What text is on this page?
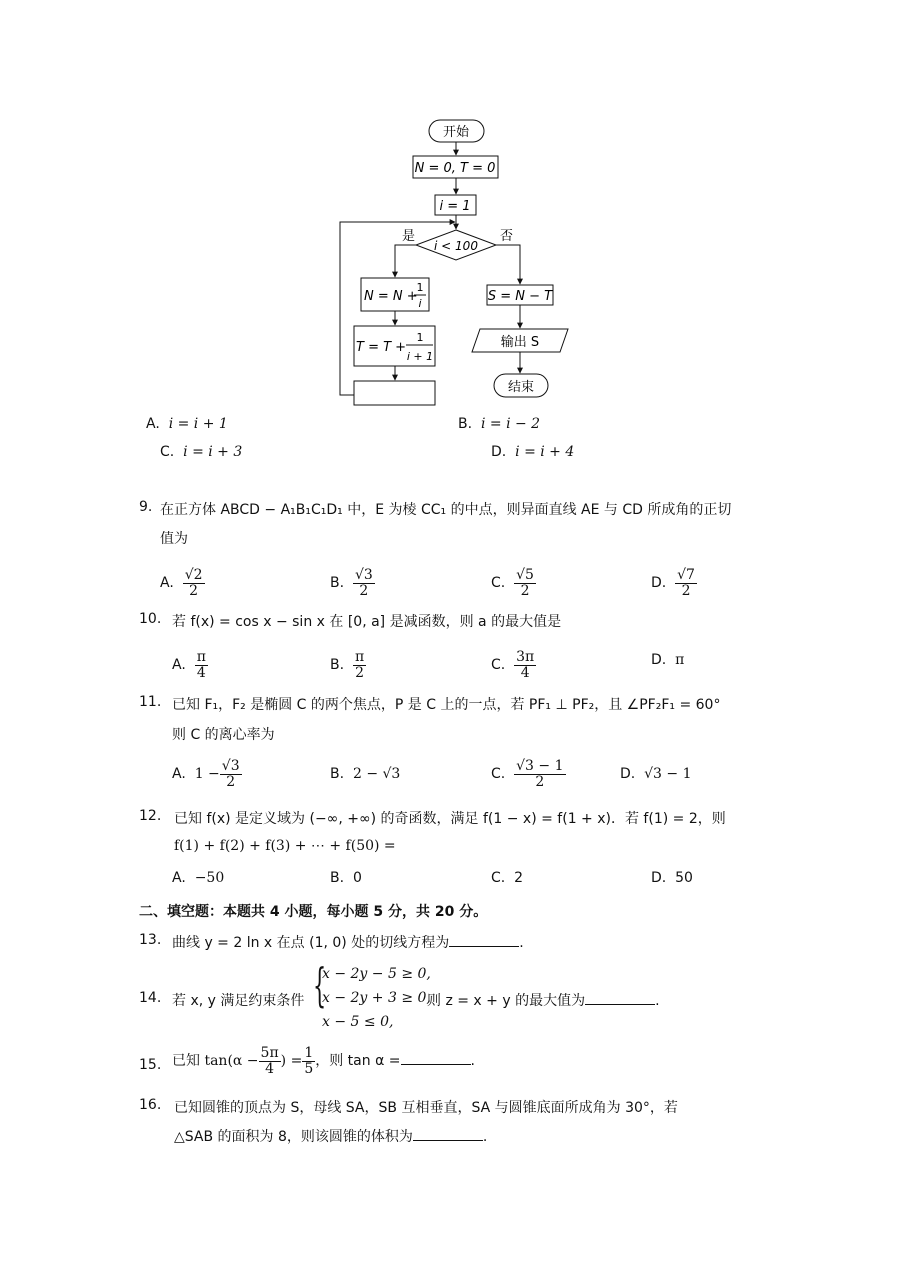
开始
N = 0, T = 0
i = 1
i < 100
是	否
N = N +
1
i
T = T +
1
i + 1
S = N − T
输出 S
结束
A. i = i + 1	B. i = i − 2
C. i = i + 3	D. i = i + 4
9. 在正方体 ABCD − A₁B₁C₁D₁ 中，E 为棱 CC₁ 的中点，则异面直线 AE 与 CD 所成角的正切
值为
A. $\frac{√2}{2}$	B. $\frac{√3}{2}$	C. $\frac{√5}{2}$	D. $\frac{√7}{2}$
10. 若 f(x) = cos x − sin x 在 [0, a] 是减函数，则 a 的最大值是
A. $\frac{\pi}{4}$	B. $\frac{\pi}{2}$	C. $\frac{3\pi}{4}$	D. π
11. 已知 F₁，F₂ 是椭圆 C 的两个焦点，P 是 C 上的一点，若 PF₁ ⊥ PF₂，且 ∠PF₂F₁ = 60°
则 C 的离心率为
A. $1 - \frac{√3}{2}$	B. 2 − √3	C. $\frac{√3 - 1}{2}$	D. √3 − 1
12. 已知 f(x) 是定义域为 (−∞, +∞) 的奇函数，满足 f(1 − x) = f(1 + x)．若 f(1) = 2，则
f(1) + f(2) + f(3) + ⋯ + f(50) =
A. −50	B. 0	C. 2	D. 50
二、填空题：本题共 4 小题，每小题 5 分，共 20 分。
13. 曲线 y = 2 ln x 在点 (1, 0) 处的切线方程为	.
14. 若 x, y 满足约束条件 {
x − 2y − 5 ≥ 0,
x − 2y + 3 ≥ 0,
x − 5 ≤ 0,
则 z = x + y 的最大值为	.
15. 已知 $\tan(\alpha - \frac{5\pi}{4}$ ) = $\frac{1}{5}$ ，则 tan α =	.
16. 已知圆锥的顶点为 S，母线 SA，SB 互相垂直，SA 与圆锥底面所成角为 30°，若
△SAB 的面积为 8，则该圆锥的体积为	.
